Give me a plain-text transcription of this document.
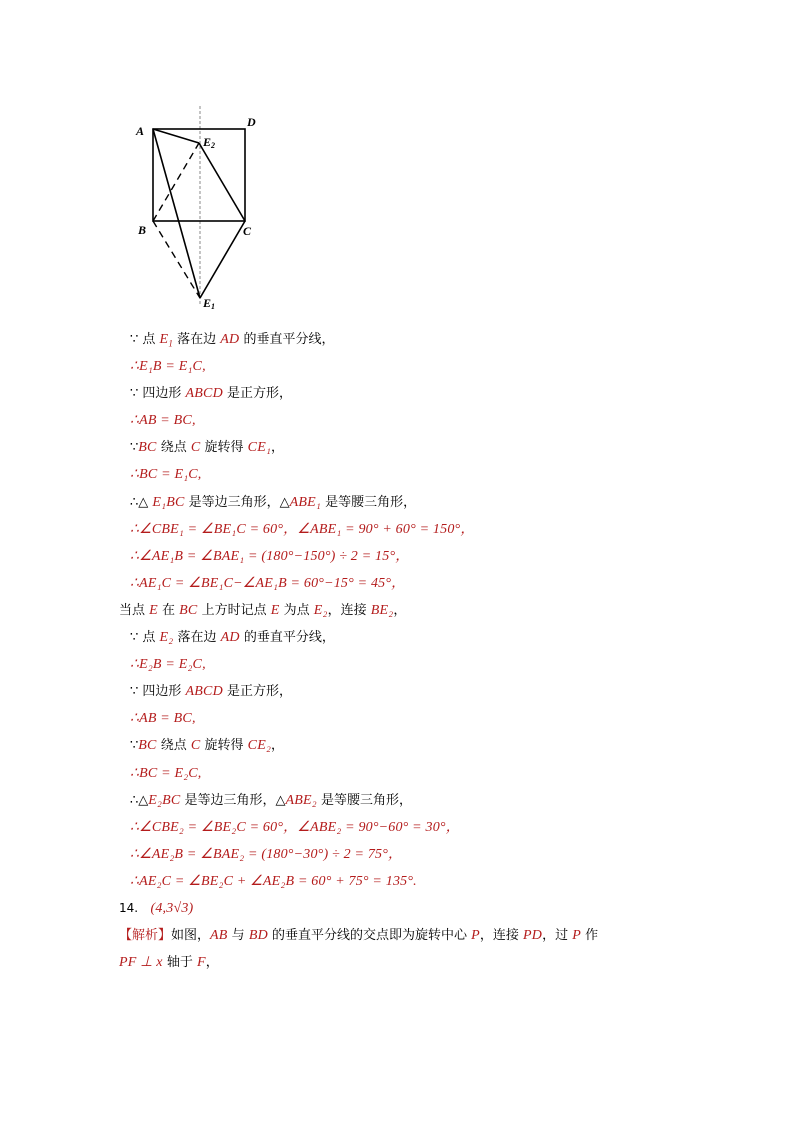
A
D
B	C
E2
E1
∵ 点 $E_1$ 落在边 AD 的垂直平分线，
∴E₁B = E₁C,
∵ 四边形 ABCD 是正方形，
∴AB = BC,
∵BC 绕点 C 旋转得 CE₁，
∴BC = E₁C,
∴△ E₁BC 是等边三角形，△ABE₁ 是等腰三角形，
∴∠CBE₁ = ∠BE₁C = 60°，∠ABE₁ = 90° + 60° = 150°，
∴∠AE₁B = ∠BAE₁ = (180°−150°) ÷ 2 = 15°，
∴AE₁C = ∠BE₁C−∠AE₁B = 60°−15° = 45°，
当点 E 在 BC 上方时记点 E 为点 E₂，连接 BE₂，
∵ 点 E₂ 落在边 AD 的垂直平分线，
∴E₂B = E₂C,
∵ 四边形 ABCD 是正方形，
∴AB = BC,
∵BC 绕点 C 旋转得 CE₂，
∴BC = E₂C,
∴△E₂BC 是等边三角形，△ABE₂ 是等腰三角形，
∴∠CBE₂ = ∠BE₂C = 60°，∠ABE₂ = 90°−60° = 30°，
∴∠AE₂B = ∠BAE₂ = (180°−30°) ÷ 2 = 75°，
∴AE₂C = ∠BE₂C + ∠AE₂B = 60° + 75° = 135°.
14. (4,3√3)
【解析】如图，AB 与 BD 的垂直平分线的交点即为旋转中心 P，连接 PD，过 P 作
PF ⊥ x 轴于 F，
